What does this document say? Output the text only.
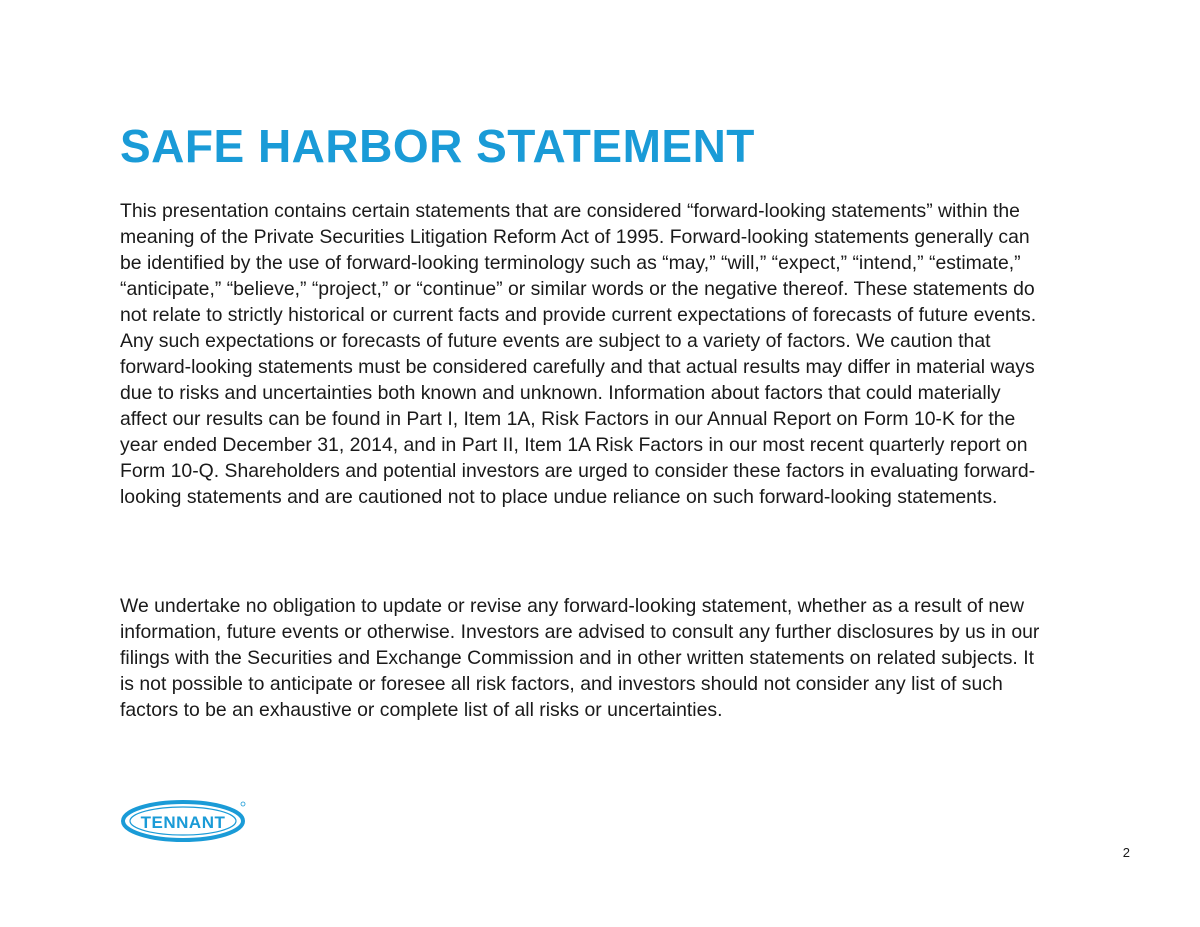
SAFE HARBOR STATEMENT

This presentation contains certain statements that are considered “forward-looking statements” within the meaning of the Private Securities Litigation Reform Act of 1995. Forward-looking statements generally can be identified by the use of forward-looking terminology such as “may,” “will,” “expect,” “intend,” “estimate,” “anticipate,” “believe,” “project,” or “continue” or similar words or the negative thereof. These statements do not relate to strictly historical or current facts and provide current expectations of forecasts of future events. Any such expectations or forecasts of future events are subject to a variety of factors. We caution that forward-looking statements must be considered carefully and that actual results may differ in material ways due to risks and uncertainties both known and unknown. Information about factors that could materially affect our results can be found in Part I, Item 1A, Risk Factors in our Annual Report on Form 10-K for the year ended December 31, 2014, and in Part II, Item 1A Risk Factors in our most recent quarterly report on Form 10-Q. Shareholders and potential investors are urged to consider these factors in evaluating forward-looking statements and are cautioned not to place undue reliance on such forward-looking statements.

We undertake no obligation to update or revise any forward-looking statement, whether as a result of new information, future events or otherwise. Investors are advised to consult any further disclosures by us in our filings with the Securities and Exchange Commission and in other written statements on related subjects. It is not possible to anticipate or foresee all risk factors, and investors should not consider any list of such factors to be an exhaustive or complete list of all risks or uncertainties.

TENNANT
2
